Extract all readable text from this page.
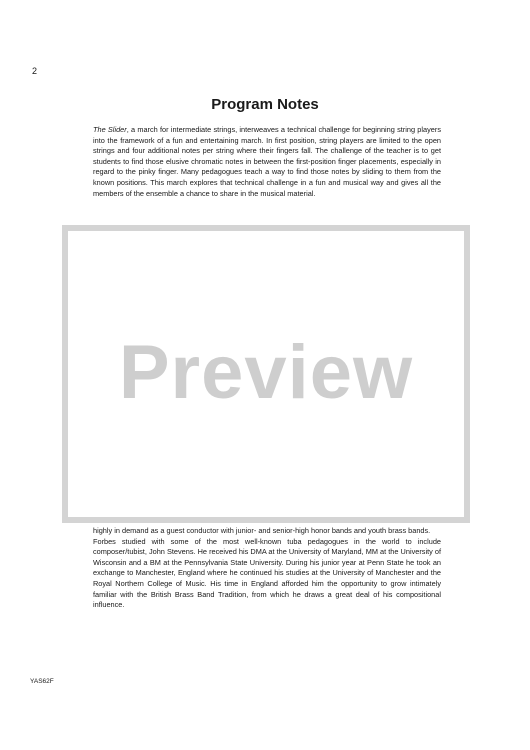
2
Program Notes

The Slider, a march for intermediate strings, interweaves a technical challenge for beginning string players into the framework of a fun and entertaining march. In first position, string players are limited to the open strings and four additional notes per string where their fingers fall. The challenge of the teacher is to get students to find those elusive chromatic notes in between the first-position finger placements, especially in regard to the pinky finger. Many pedagogues teach a way to find those notes by sliding to them from the known positions. This march explores that technical challenge in a fun and musical way and gives all the members of the ensemble a chance to share in the musical material.

Preview

highly in demand as a guest conductor with junior- and senior-high honor bands and youth brass bands.

Forbes studied with some of the most well-known tuba pedagogues in the world to include composer/tubist, John Stevens. He received his DMA at the University of Maryland, MM at the University of Wisconsin and a BM at the Pennsylvania State University. During his junior year at Penn State he took an exchange to Manchester, England where he continued his studies at the University of Manchester and the Royal Northern College of Music. His time in England afforded him the opportunity to grow intimately familiar with the British Brass Band Tradition, from which he draws a great deal of his compositional influence.

YAS62F
